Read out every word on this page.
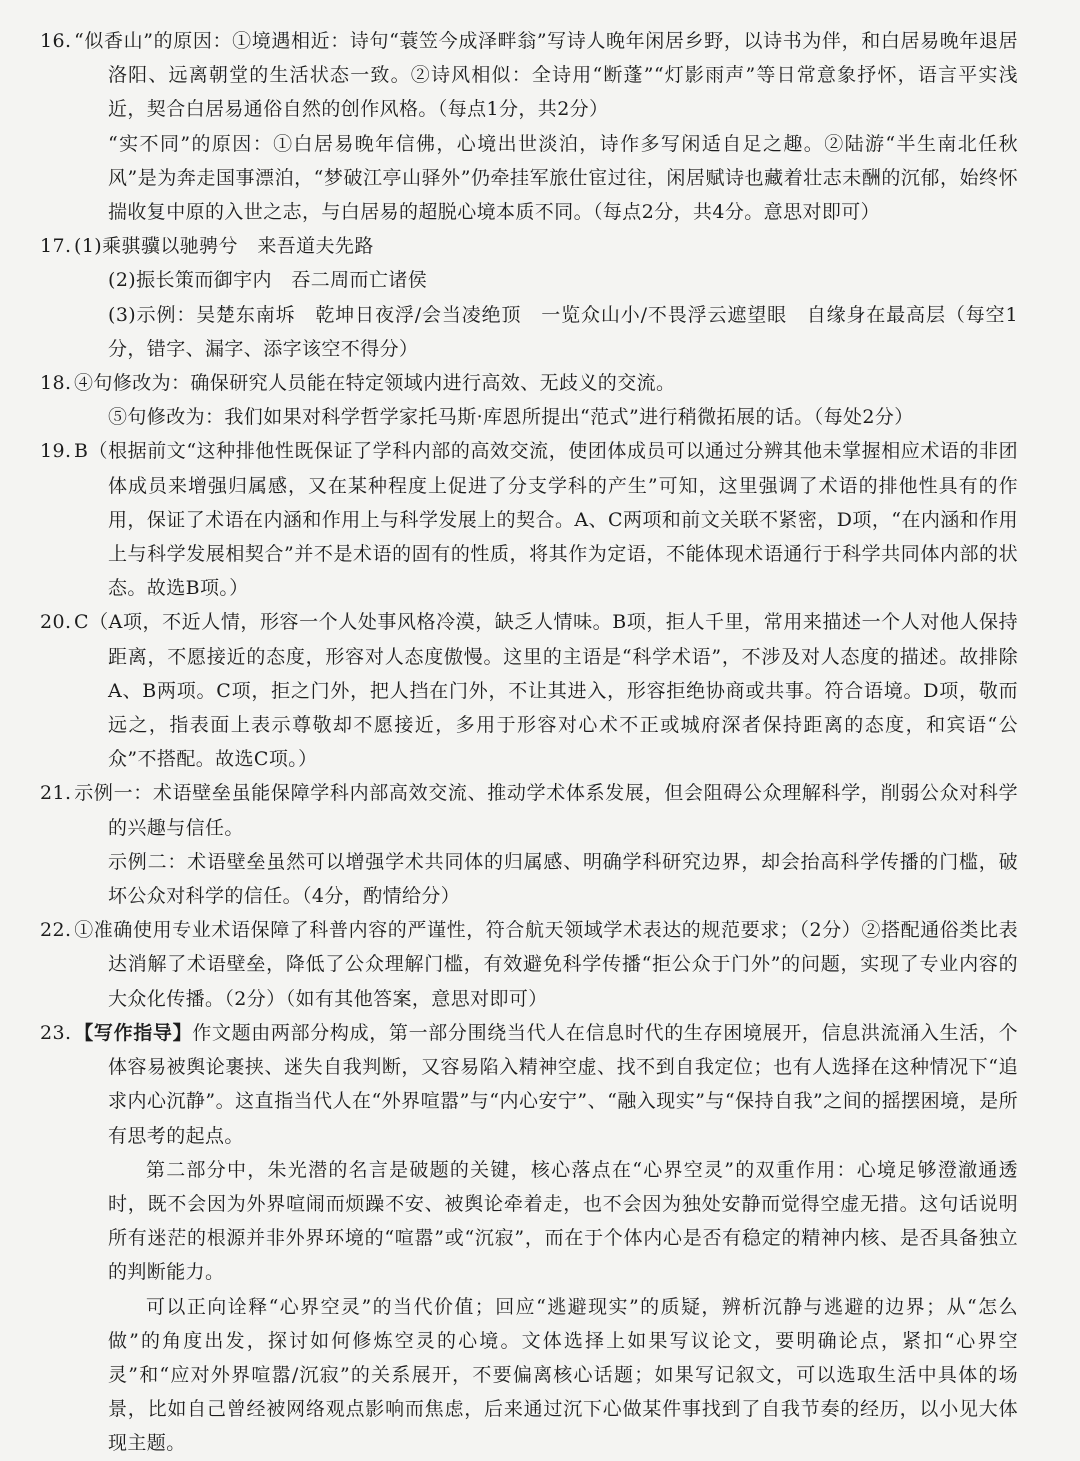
16. “似香山”的原因：①境遇相近：诗句“蓑笠今成泽畔翁”写诗人晚年闲居乡野，以诗书为伴，和白居易晚年退居洛阳、远离朝堂的生活状态一致。②诗风相似：全诗用“断蓬”“灯影雨声”等日常意象抒怀，语言平实浅近，契合白居易通俗自然的创作风格。（每点1分，共2分）

“实不同”的原因：①白居易晚年信佛，心境出世淡泊，诗作多写闲适自足之趣。②陆游“半生南北任秋风”是为奔走国事漂泊，“梦破江亭山驿外”仍牵挂军旅仕宦过往，闲居赋诗也藏着壮志未酬的沉郁，始终怀揣收复中原的入世之志，与白居易的超脱心境本质不同。（每点2分，共4分。意思对即可）

17. (1)乘骐骥以驰骋兮　来吾道夫先路

(2)振长策而御宇内　吞二周而亡诸侯

(3)示例：吴楚东南坼　乾坤日夜浮/会当凌绝顶　一览众山小/不畏浮云遮望眼　自缘身在最高层（每空1分，错字、漏字、添字该空不得分）

18. ④句修改为：确保研究人员能在特定领域内进行高效、无歧义的交流。

⑤句修改为：我们如果对科学哲学家托马斯·库恩所提出“范式”进行稍微拓展的话。（每处2分）

19. B（根据前文“这种排他性既保证了学科内部的高效交流，使团体成员可以通过分辨其他未掌握相应术语的非团体成员来增强归属感，又在某种程度上促进了分支学科的产生”可知，这里强调了术语的排他性具有的作用，保证了术语在内涵和作用上与科学发展上的契合。A、C两项和前文关联不紧密，D项，“在内涵和作用上与科学发展相契合”并不是术语的固有的性质，将其作为定语，不能体现术语通行于科学共同体内部的状态。故选B项。）

20. C（A项，不近人情，形容一个人处事风格冷漠，缺乏人情味。B项，拒人千里，常用来描述一个人对他人保持距离，不愿接近的态度，形容对人态度傲慢。这里的主语是“科学术语”，不涉及对人态度的描述。故排除A、B两项。C项，拒之门外，把人挡在门外，不让其进入，形容拒绝协商或共事。符合语境。D项，敬而远之，指表面上表示尊敬却不愿接近，多用于形容对心术不正或城府深者保持距离的态度，和宾语“公众”不搭配。故选C项。）

21. 示例一：术语壁垒虽能保障学科内部高效交流、推动学术体系发展，但会阻碍公众理解科学，削弱公众对科学的兴趣与信任。

示例二：术语壁垒虽然可以增强学术共同体的归属感、明确学科研究边界，却会抬高科学传播的门槛，破坏公众对科学的信任。（4分，酌情给分）

22. ①准确使用专业术语保障了科普内容的严谨性，符合航天领域学术表达的规范要求；（2分）②搭配通俗类比表达消解了术语壁垒，降低了公众理解门槛，有效避免科学传播“拒公众于门外”的问题，实现了专业内容的大众化传播。（2分）（如有其他答案，意思对即可）

23. 【写作指导】作文题由两部分构成，第一部分围绕当代人在信息时代的生存困境展开，信息洪流涌入生活，个体容易被舆论裹挟、迷失自我判断，又容易陷入精神空虚、找不到自我定位；也有人选择在这种情况下“追求内心沉静”。这直指当代人在“外界喧嚣”与“内心安宁”、“融入现实”与“保持自我”之间的摇摆困境，是所有思考的起点。

第二部分中，朱光潜的名言是破题的关键，核心落点在“心界空灵”的双重作用：心境足够澄澈通透时，既不会因为外界喧闹而烦躁不安、被舆论牵着走，也不会因为独处安静而觉得空虚无措。这句话说明所有迷茫的根源并非外界环境的“喧嚣”或“沉寂”，而在于个体内心是否有稳定的精神内核、是否具备独立的判断能力。

可以正向诠释“心界空灵”的当代价值；回应“逃避现实”的质疑，辨析沉静与逃避的边界；从“怎么做”的角度出发，探讨如何修炼空灵的心境。文体选择上如果写议论文，要明确论点，紧扣“心界空灵”和“应对外界喧嚣/沉寂”的关系展开，不要偏离核心话题；如果写记叙文，可以选取生活中具体的场景，比如自己曾经被网络观点影响而焦虑，后来通过沉下心做某件事找到了自我节奏的经历，以小见大体现主题。
